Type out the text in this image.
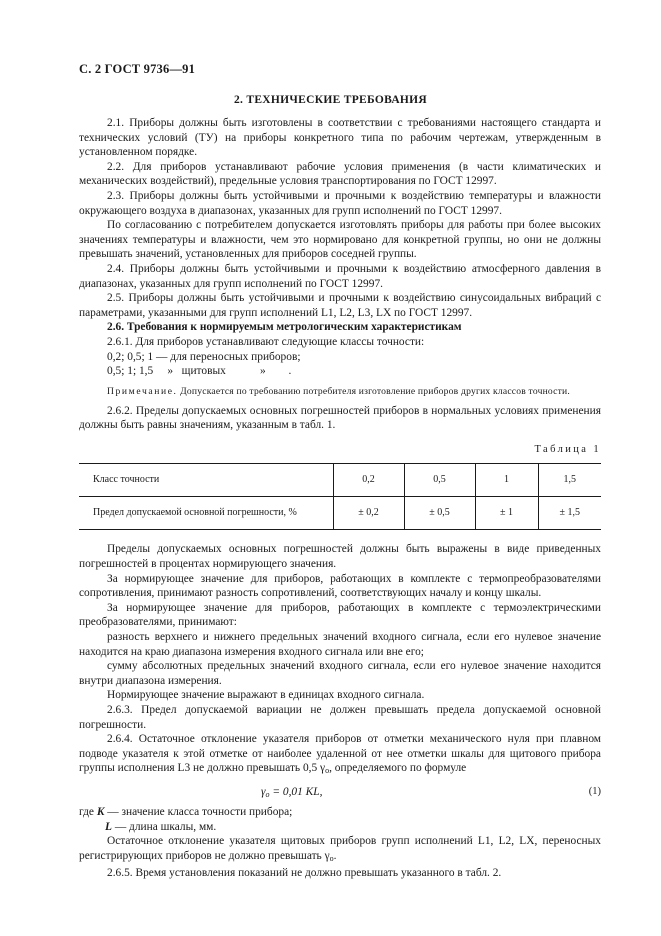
С. 2 ГОСТ 9736—91
2. ТЕХНИЧЕСКИЕ ТРЕБОВАНИЯ

2.1. Приборы должны быть изготовлены в соответствии с требованиями настоящего стандарта и технических условий (ТУ) на приборы конкретного типа по рабочим чертежам, утвержденным в установленном порядке.

2.2. Для приборов устанавливают рабочие условия применения (в части климатических и механических воздействий), предельные условия транспортирования по ГОСТ 12997.

2.3. Приборы должны быть устойчивыми и прочными к воздействию температуры и влажности окружающего воздуха в диапазонах, указанных для групп исполнений по ГОСТ 12997.

По согласованию с потребителем допускается изготовлять приборы для работы при более высоких значениях температуры и влажности, чем это нормировано для конкретной группы, но они не должны превышать значений, установленных для приборов соседней группы.

2.4. Приборы должны быть устойчивыми и прочными к воздействию атмосферного давления в диапазонах, указанных для групп исполнений по ГОСТ 12997.

2.5. Приборы должны быть устойчивыми и прочными к воздействию синусоидальных вибраций с параметрами, указанными для групп исполнений L1, L2, L3, LX по ГОСТ 12997.

2.6. Требования к нормируемым метрологическим характеристикам

2.6.1. Для приборов устанавливают следующие классы точности:

0,2; 0,5; 1 — для переносных приборов;

0,5; 1; 1,5     »   щитовых            »        .

Примечание. Допускается по требованию потребителя изготовление приборов других классов точности.

2.6.2. Пределы допускаемых основных погрешностей приборов в нормальных условиях применения должны быть равны значениям, указанным в табл. 1.

Таблица 1
Класс точности	0,2	0,5	1	1,5
Предел допускаемой основной погрешности, %	± 0,2	± 0,5	± 1	± 1,5

Пределы допускаемых основных погрешностей должны быть выражены в виде приведенных погрешностей в процентах нормирующего значения.

За нормирующее значение для приборов, работающих в комплекте с термопреобразователями сопротивления, принимают разность сопротивлений, соответствующих началу и концу шкалы.

За нормирующее значение для приборов, работающих в комплекте с термоэлектрическими преобразователями, принимают:

разность верхнего и нижнего предельных значений входного сигнала, если его нулевое значение находится на краю диапазона измерения входного сигнала или вне его;

сумму абсолютных предельных значений входного сигнала, если его нулевое значение находится внутри диапазона измерения.

Нормирующее значение выражают в единицах входного сигнала.

2.6.3. Предел допускаемой вариации не должен превышать предела допускаемой основной погрешности.

2.6.4. Остаточное отклонение указателя приборов от отметки механического нуля при плавном подводе указателя к этой отметке от наиболее удаленной от нее отметки шкалы для щитового прибора группы исполнения L3 не должно превышать 0,5 $\gamma_о$, определяемого по формуле

$\gamma_о = 0,01$ KL,	(1)

где K — значение класса точности прибора;

L — длина шкалы, мм.

Остаточное отклонение указателя щитовых приборов групп исполнений L1, L2, LX, переносных регистрирующих приборов не должно превышать $\gamma_о$.

2.6.5. Время установления показаний не должно превышать указанного в табл. 2.
